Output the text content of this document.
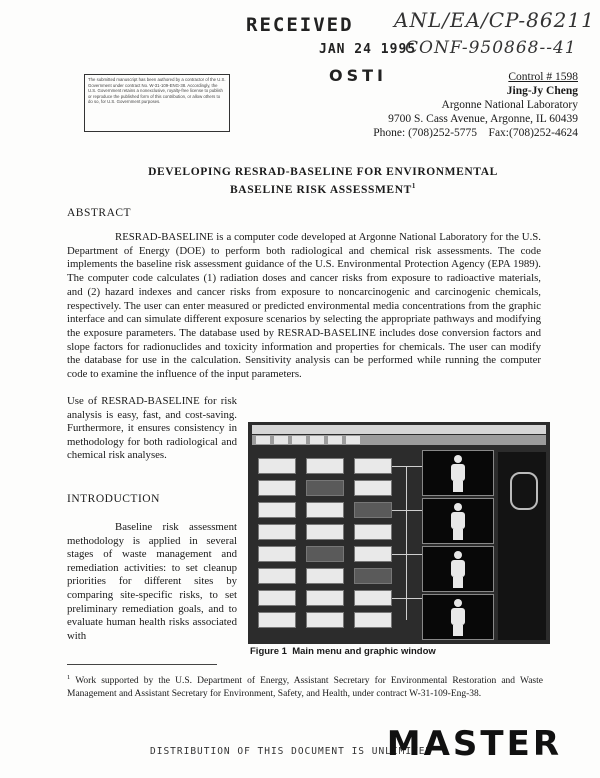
RECEIVED ANL/EA/CP-86211
JAN 24 1995
CONF-950868--41
OSTI
The submitted manuscript has been authored by a contractor of the U.S. Government under contract No. W-31-109-ENG-38. Accordingly, the U.S. Government retains a nonexclusive, royalty-free license to publish or reproduce the published form of this contribution, or allow others to do so, for U.S. Government purposes.
Control # 1598
Jing-Jy Cheng
Argonne National Laboratory
9700 S. Cass Avenue, Argonne, IL 60439
Phone: (708)252-5775    Fax:(708)252-4624
DEVELOPING RESRAD-BASELINE FOR ENVIRONMENTAL
BASELINE RISK ASSESSMENT$^1$
ABSTRACT
RESRAD-BASELINE is a computer code developed at Argonne National Laboratory for the U.S. Department of Energy (DOE) to perform both radiological and chemical risk assessments. The code implements the baseline risk assessment guidance of the U.S. Environmental Protection Agency (EPA 1989). The computer code calculates (1) radiation doses and cancer risks from exposure to radioactive materials, and (2) hazard indexes and cancer risks from exposure to noncarcinogenic and carcinogenic chemicals, respectively. The user can enter measured or predicted environmental media concentrations from the graphic interface and can simulate different exposure scenarios by selecting the appropriate pathways and modifying the exposure parameters. The database used by RESRAD-BASELINE includes dose conversion factors and slope factors for radionuclides and toxicity information and properties for chemicals. The user can modify the database for use in the calculation. Sensitivity analysis can be performed while running the computer code to examine the influence of the input parameters.
Use of RESRAD-BASELINE for risk analysis is easy, fast, and cost-saving. Furthermore, it ensures consistency in methodology for both radiological and chemical risk analyses.
INTRODUCTION
Baseline risk assessment methodology is applied in several stages of waste management and remediation activities: to set cleanup priorities for different sites by comparing site-specific risks, to set preliminary remediation goals, and to evaluate human health risks associated with
Figure 1  Main menu and graphic window
$^1$ Work supported by the U.S. Department of Energy, Assistant Secretary for Environmental Restoration and Waste Management and Assistant Secretary for Environment, Safety, and Health, under contract W-31-109-Eng-38.
DISTRIBUTION OF THIS DOCUMENT IS UNLIMITED
MASTER
